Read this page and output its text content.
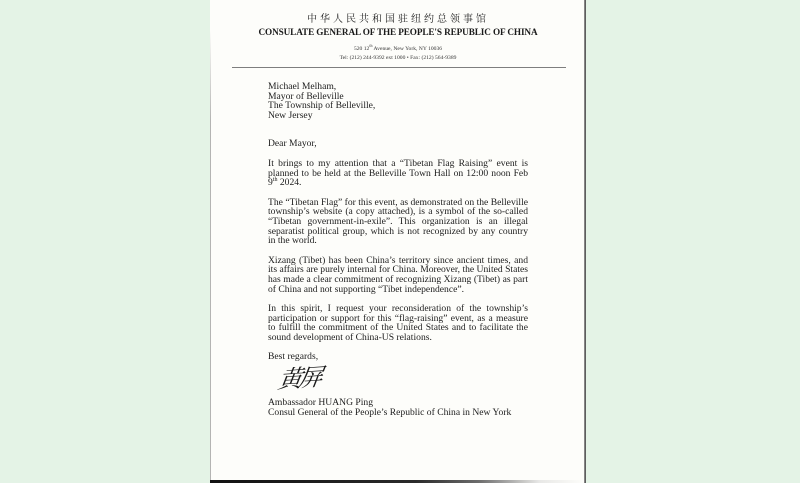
中华人民共和国驻纽约总领事馆
CONSULATE GENERAL OF THE PEOPLE'S REPUBLIC OF CHINA
520 12th Avenue, New York, NY 10036
Tel: (212) 244-9392 ext 1000 • Fax: (212) 564-9389
Michael Melham,
Mayor of Belleville
The Township of Belleville,
New Jersey
Dear Mayor,

It brings to my attention that a “Tibetan Flag Raising” event is planned to be held at the Belleville Town Hall on 12:00 noon Feb 9th 2024.

The “Tibetan Flag” for this event, as demonstrated on the Belleville township’s website (a copy attached), is a symbol of the so-called “Tibetan government-in-exile”. This organization is an illegal separatist political group, which is not recognized by any country in the world.

Xizang (Tibet) has been China’s territory since ancient times, and its affairs are purely internal for China. Moreover, the United States has made a clear commitment of recognizing Xizang (Tibet) as part of China and not supporting “Tibet independence”.

In this spirit, I request your reconsideration of the township’s participation or support for this “flag-raising” event, as a measure to fulfill the commitment of the United States and to facilitate the sound development of China-US relations.

Best regards,
黄屏
Ambassador HUANG Ping
Consul General of the People’s Republic of China in New York
